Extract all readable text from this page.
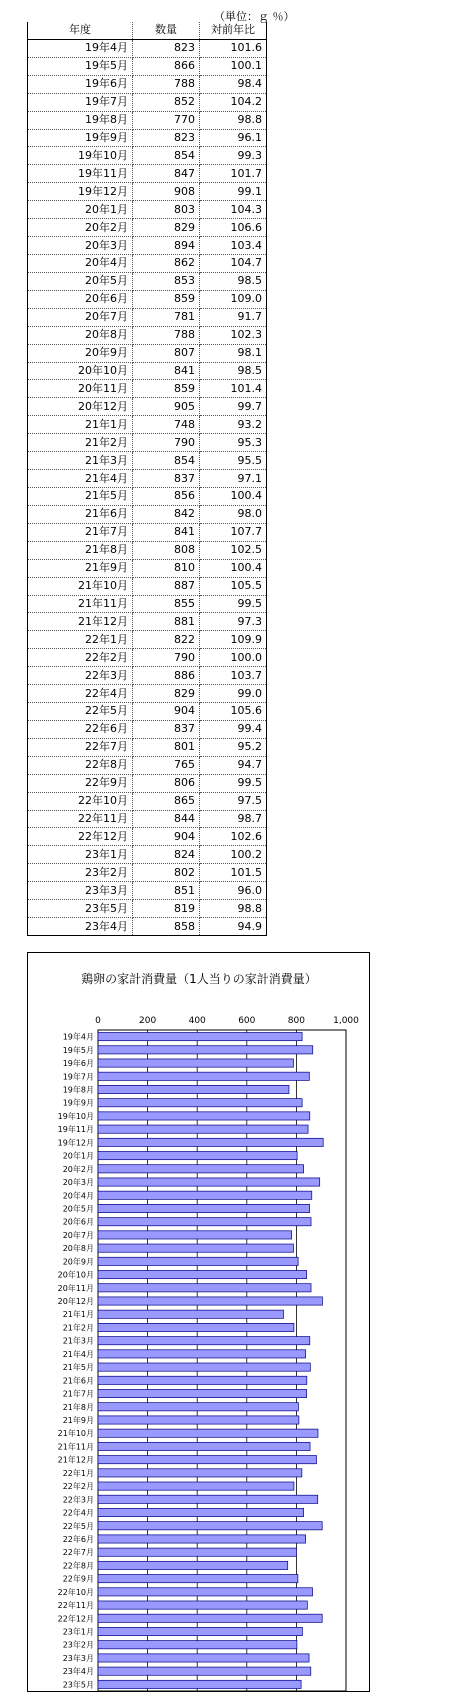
（単位：ｇ ％）
年度	数量	対前年比
19年4月	823	101.6
19年5月	866	100.1
19年6月	788	98.4
19年7月	852	104.2
19年8月	770	98.8
19年9月	823	96.1
19年10月	854	99.3
19年11月	847	101.7
19年12月	908	99.1
20年1月	803	104.3
20年2月	829	106.6
20年3月	894	103.4
20年4月	862	104.7
20年5月	853	98.5
20年6月	859	109.0
20年7月	781	91.7
20年8月	788	102.3
20年9月	807	98.1
20年10月	841	98.5
20年11月	859	101.4
20年12月	905	99.7
21年1月	748	93.2
21年2月	790	95.3
21年3月	854	95.5
21年4月	837	97.1
21年5月	856	100.4
21年6月	842	98.0
21年7月	841	107.7
21年8月	808	102.5
21年9月	810	100.4
21年10月	887	105.5
21年11月	855	99.5
21年12月	881	97.3
22年1月	822	109.9
22年2月	790	100.0
22年3月	886	103.7
22年4月	829	99.0
22年5月	904	105.6
22年6月	837	99.4
22年7月	801	95.2
22年8月	765	94.7
22年9月	806	99.5
22年10月	865	97.5
22年11月	844	98.7
22年12月	904	102.6
23年1月	824	100.2
23年2月	802	101.5
23年3月	851	96.0
23年5月	819	98.8
23年4月	858	94.9
鶏卵の家計消費量（1人当りの家計消費量）
0	200	400	600	800	1,000
19年4月
19年5月
19年6月
19年7月
19年8月
19年9月
19年10月
19年11月
19年12月
20年1月
20年2月
20年3月
20年4月
20年5月
20年6月
20年7月
20年8月
20年9月
20年10月
20年11月
20年12月
21年1月
21年2月
21年3月
21年4月
21年5月
21年6月
21年7月
21年8月
21年9月
21年10月
21年11月
21年12月
22年1月
22年2月
22年3月
22年4月
22年5月
22年6月
22年7月
22年8月
22年9月
22年10月
22年11月
22年12月
23年1月
23年2月
23年3月
23年4月
23年5月
